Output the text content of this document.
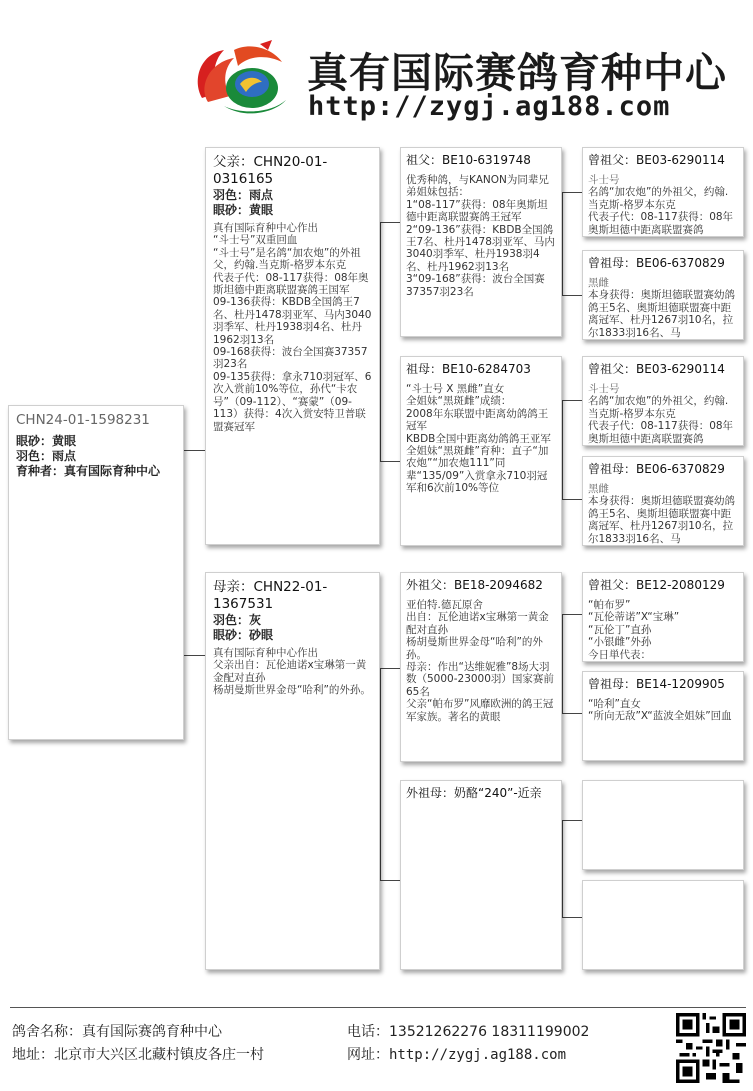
真有国际赛鸽育种中心
http://zygj.ag188.com
CHN24-01-1598231
眼砂：黄眼
羽色：雨点
育种者：真有国际育种中心
父亲：CHN20-01-0316165
羽色：雨点
眼砂：黄眼
真有国际育种中心作出
“斗士号”双重回血
“斗士号”是名鸽“加农炮”的外祖父，约翰.当克斯-格罗本东克
代表子代：08-117获得：08年奥斯坦德中距离联盟赛鸽王国军
09-136获得：KBDB全国鸽王7名、杜丹1478羽亚军、马内3040羽季军、杜丹1938羽4名、杜丹1962羽13名
09-168获得：波台全国赛37357羽23名
09-135获得：拿永710羽冠军、6次入赏前10%等位，孙代“卡农号”（09-112）、“赛蒙”（09-113）获得：4次入赏安特卫普联盟赛冠军
母亲：CHN22-01-1367531
羽色：灰
眼砂：砂眼
真有国际育种中心作出
父亲出自：瓦伦迪诺x宝琳第一黄金配对直孙
杨胡曼斯世界金母“哈利”的外孙。
祖父：BE10-6319748
优秀种鸽，与KANON为同辈兄弟姐妹包括：
1“08-117”获得：08年奥斯坦德中距离联盟赛鸽王冠军
2“09-136”获得：KBDB全国鸽王7名、杜丹1478羽亚军、马内3040羽季军、杜丹1938羽4名、杜丹1962羽13名
3“09-168”获得：波台全国赛37357羽23名
祖母：BE10-6284703
“斗士号 X 黑雌”直女
全姐妹“黑斑雌”成绩：
2008年东联盟中距离幼鸽鸽王冠军
KBDB全国中距离幼鸽鸽王亚军
全姐妹“黑斑雌”育种：直子“加农炮”“加农炮111”同辈“135/09”入赏拿永710羽冠军和6次前10%等位
外祖父：BE18-2094682
亚伯特.德瓦原舍
出自：瓦伦迪诺x宝琳第一黄金配对直孙
杨胡曼斯世界金母“哈利”的外孙。
母亲：作出“达维妮雅”8场大羽数（5000-23000羽）国家赛前65名
父亲“帕布罗”风靡欧洲的鸽王冠军家族。著名的黄眼
外祖母：奶酪“240”-近亲
曾祖父：BE03-6290114
斗士号
名鸽“加农炮”的外祖父，约翰.当克斯-格罗本东克
代表子代：08-117获得：08年奥斯坦德中距离联盟赛鸽
曾祖母：BE06-6370829
黑雌
本身获得：奥斯坦德联盟赛幼鸽鸽王5名、奥斯坦德联盟赛中距离冠军、杜丹1267羽10名，拉尔1833羽16名、马
曾祖父：BE03-6290114
斗士号
名鸽“加农炮”的外祖父，约翰.当克斯-格罗本东克
代表子代：08-117获得：08年奥斯坦德中距离联盟赛鸽
曾祖母：BE06-6370829
黑雌
本身获得：奥斯坦德联盟赛幼鸽鸽王5名、奥斯坦德联盟赛中距离冠军、杜丹1267羽10名，拉尔1833羽16名、马
曾祖父：BE12-2080129
“帕布罗”
“瓦伦蒂诺”X“宝琳”
“瓦伦丁”直孙
“小银雌”外孙
今日単代表：
曾祖母：BE14-1209905
“哈利”直女
“所向无敌”X“蓝波全姐妹”回血
鸽舍名称：真有国际赛鸽育种中心
地址：北京市大兴区北藏村镇皮各庄一村
电话：13521262276 18311199002
网址：http://zygj.ag188.com
